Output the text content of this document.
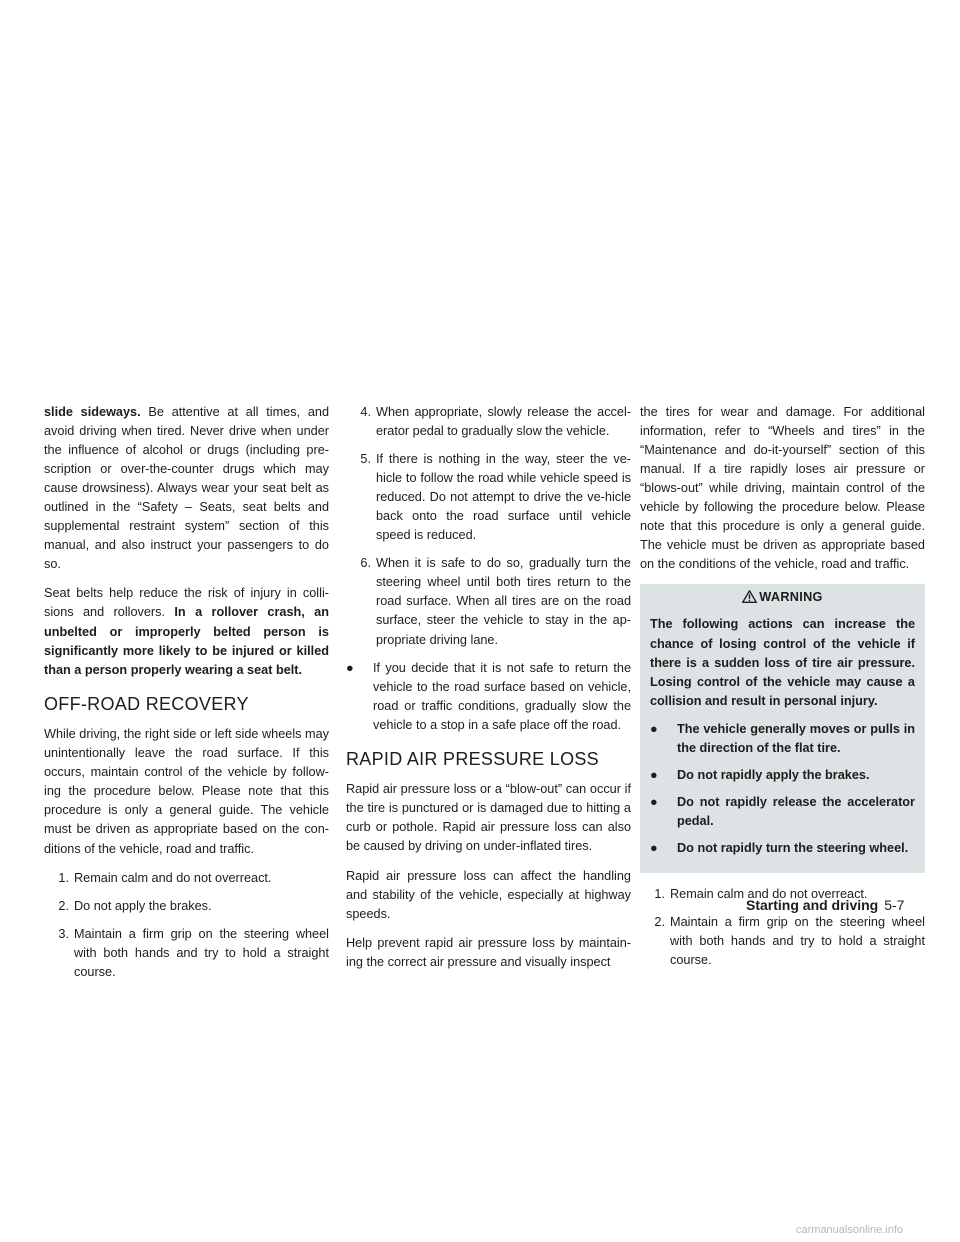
slide sideways. Be attentive at all times, and avoid driving when tired. Never drive when under the influence of alcohol or drugs (including pre-scription or over-the-counter drugs which may cause drowsiness). Always wear your seat belt as outlined in the “Safety – Seats, seat belts and supplemental restraint system” section of this manual, and also instruct your passengers to do so.

Seat belts help reduce the risk of injury in colli-sions and rollovers. In a rollover crash, an unbelted or improperly belted person is significantly more likely to be injured or killed than a person properly wearing a seat belt.

OFF-ROAD RECOVERY

While driving, the right side or left side wheels may unintentionally leave the road surface. If this occurs, maintain control of the vehicle by follow-ing the procedure below. Please note that this procedure is only a general guide. The vehicle must be driven as appropriate based on the con-ditions of the vehicle, road and traffic.

1. Remain calm and do not overreact.
2. Do not apply the brakes.
3. Maintain a firm grip on the steering wheel with both hands and try to hold a straight course.
4. When appropriate, slowly release the accel-erator pedal to gradually slow the vehicle.
5. If there is nothing in the way, steer the ve-hicle to follow the road while vehicle speed is reduced. Do not attempt to drive the ve-hicle back onto the road surface until vehicle speed is reduced.
6. When it is safe to do so, gradually turn the steering wheel until both tires return to the road surface. When all tires are on the road surface, steer the vehicle to stay in the ap-propriate driving lane.
●	If you decide that it is not safe to return the vehicle to the road surface based on vehicle, road or traffic conditions, gradually slow the vehicle to a stop in a safe place off the road.
RAPID AIR PRESSURE LOSS

Rapid air pressure loss or a “blow-out” can occur if the tire is punctured or is damaged due to hitting a curb or pothole. Rapid air pressure loss can also be caused by driving on under-inflated tires.

Rapid air pressure loss can affect the handling and stability of the vehicle, especially at highway speeds.

Help prevent rapid air pressure loss by maintain-ing the correct air pressure and visually inspect

the tires for wear and damage. For additional information, refer to “Wheels and tires” in the “Maintenance and do-it-yourself” section of this manual. If a tire rapidly loses air pressure or “blows-out” while driving, maintain control of the vehicle by following the procedure below. Please note that this procedure is only a general guide. The vehicle must be driven as appropriate based on the conditions of the vehicle, road and traffic.

WARNING

The following actions can increase the chance of losing control of the vehicle if there is a sudden loss of tire air pressure. Losing control of the vehicle may cause a collision and result in personal injury.

●	The vehicle generally moves or pulls in the direction of the flat tire.
●	Do not rapidly apply the brakes.
●	Do not rapidly release the accelerator pedal.
●	Do not rapidly turn the steering wheel.
1. Remain calm and do not overreact.
2. Maintain a firm grip on the steering wheel with both hands and try to hold a straight course.
Starting and driving 5-7
carmanualsonline.info
